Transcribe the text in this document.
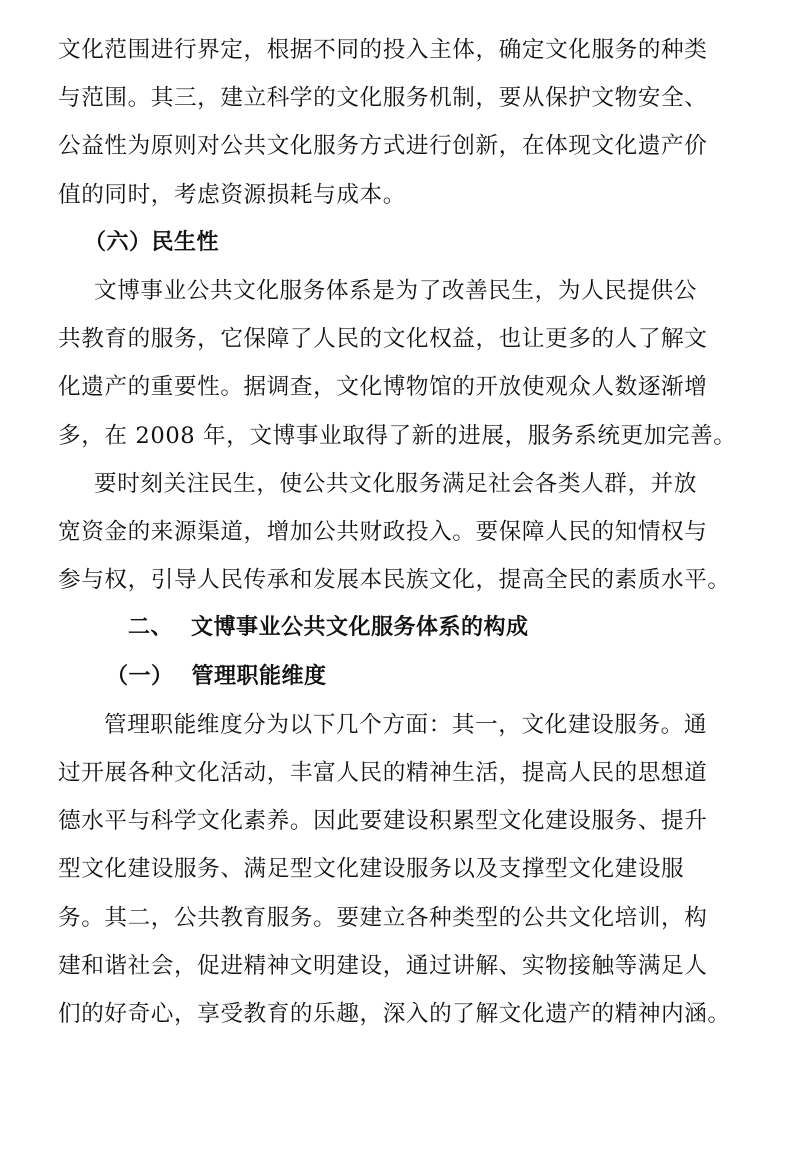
文化范围进行界定，根据不同的投入主体，确定文化服务的种类
与范围。其三，建立科学的文化服务机制，要从保护文物安全、
公益性为原则对公共文化服务方式进行创新，在体现文化遗产价
值的同时，考虑资源损耗与成本。

（六）民生性

文博事业公共文化服务体系是为了改善民生，为人民提供公
共教育的服务，它保障了人民的文化权益，也让更多的人了解文
化遗产的重要性。据调查，文化博物馆的开放使观众人数逐渐增
多，在 2008 年，文博事业取得了新的进展，服务系统更加完善。

要时刻关注民生，使公共文化服务满足社会各类人群，并放
宽资金的来源渠道，增加公共财政投入。要保障人民的知情权与
参与权，引导人民传承和发展本民族文化，提高全民的素质水平。

二、 文博事业公共文化服务体系的构成
（一） 管理职能维度

管理职能维度分为以下几个方面：其一，文化建设服务。通
过开展各种文化活动，丰富人民的精神生活，提高人民的思想道
德水平与科学文化素养。因此要建设积累型文化建设服务、提升
型文化建设服务、满足型文化建设服务以及支撑型文化建设服
务。其二，公共教育服务。要建立各种类型的公共文化培训，构
建和谐社会，促进精神文明建设，通过讲解、实物接触等满足人
们的好奇心，享受教育的乐趣，深入的了解文化遗产的精神内涵。
